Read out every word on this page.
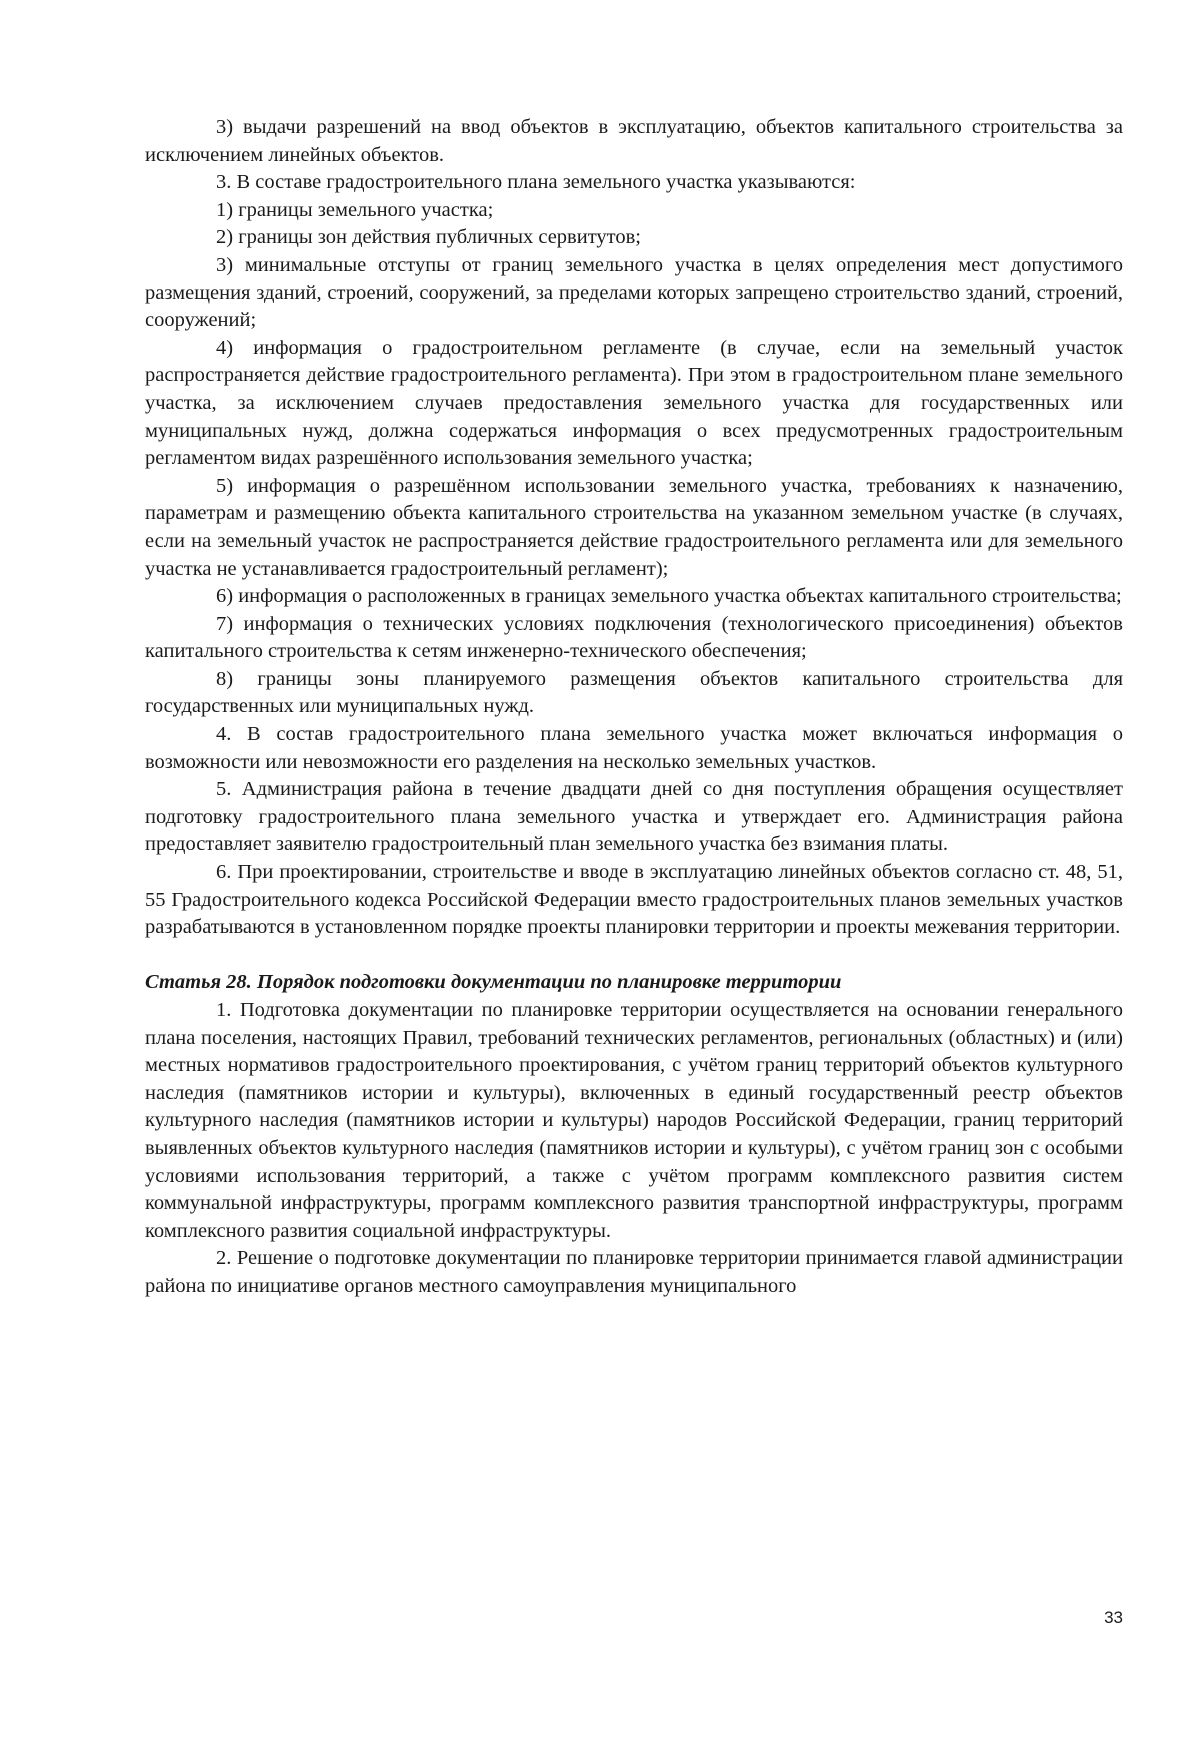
3) выдачи разрешений на ввод объектов в эксплуатацию, объектов капитального строительства за исключением линейных объектов.

3. В составе градостроительного плана земельного участка указываются:

1) границы земельного участка;

2) границы зон действия публичных сервитутов;

3) минимальные отступы от границ земельного участка в целях определения мест допустимого размещения зданий, строений, сооружений, за пределами которых запрещено строительство зданий, строений, сооружений;

4) информация о градостроительном регламенте (в случае, если на земельный участок распространяется действие градостроительного регламента). При этом в градостроительном плане земельного участка, за исключением случаев предоставления земельного участка для государственных или муниципальных нужд, должна содержаться информация о всех предусмотренных градостроительным регламентом видах разрешённого использования земельного участка;

5) информация о разрешённом использовании земельного участка, требованиях к назначению, параметрам и размещению объекта капитального строительства на указанном земельном участке (в случаях, если на земельный участок не распространяется действие градостроительного регламента или для земельного участка не устанавливается градостроительный регламент);

6) информация о расположенных в границах земельного участка объектах капитального строительства;

7) информация о технических условиях подключения (технологического присоединения) объектов капитального строительства к сетям инженерно-технического обеспечения;

8) границы зоны планируемого размещения объектов капитального строительства для государственных или муниципальных нужд.

4. В состав градостроительного плана земельного участка может включаться информация о возможности или невозможности его разделения на несколько земельных участков.

5. Администрация района в течение двадцати дней со дня поступления обращения осуществляет подготовку градостроительного плана земельного участка и утверждает его. Администрация района предоставляет заявителю градостроительный план земельного участка без взимания платы.

6. При проектировании, строительстве и вводе в эксплуатацию линейных объектов согласно ст. 48, 51, 55 Градостроительного кодекса Российской Федерации вместо градостроительных планов земельных участков разрабатываются в установленном порядке проекты планировки территории и проекты межевания территории.

Статья 28. Порядок подготовки документации по планировке территории

1. Подготовка документации по планировке территории осуществляется на основании генерального плана поселения, настоящих Правил, требований технических регламентов, региональных (областных) и (или) местных нормативов градостроительного проектирования, с учётом границ территорий объектов культурного наследия (памятников истории и культуры), включенных в единый государственный реестр объектов культурного наследия (памятников истории и культуры) народов Российской Федерации, границ территорий выявленных объектов культурного наследия (памятников истории и культуры), с учётом границ зон с особыми условиями использования территорий, а также с учётом программ комплексного развития систем коммунальной инфраструктуры, программ комплексного развития транспортной инфраструктуры, программ комплексного развития социальной инфраструктуры.

2. Решение о подготовке документации по планировке территории принимается главой администрации района по инициативе органов местного самоуправления муниципального

33
